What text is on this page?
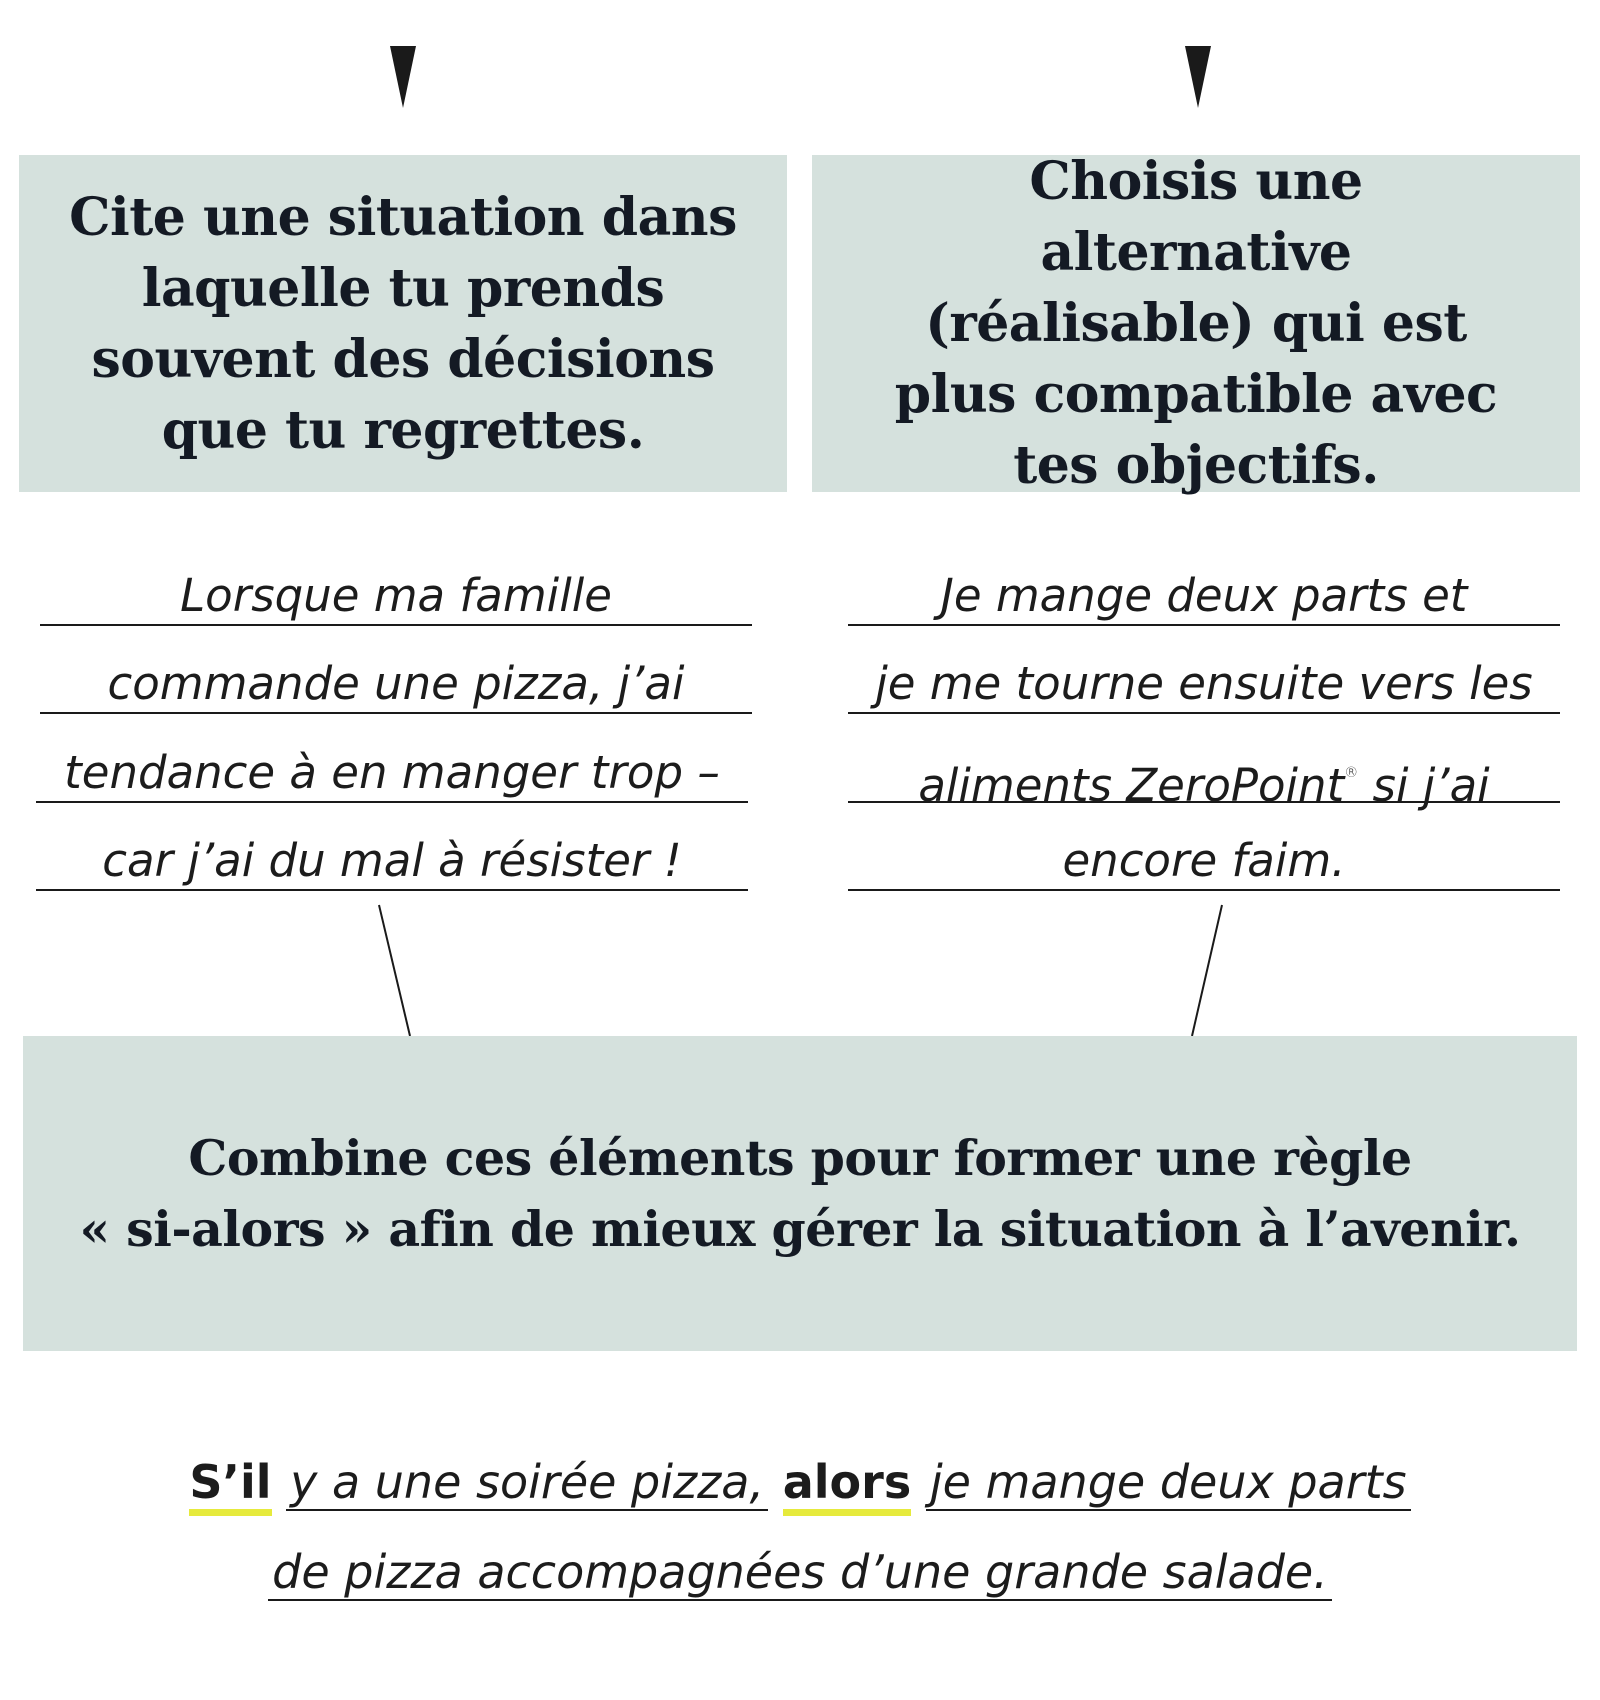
Cite une situation dans laquelle tu prends souvent des décisions que tu regrettes.
Choisis une alternative (réalisable) qui est plus compatible avec tes objectifs.
Lorsque ma famille
commande une pizza, j’ai
tendance à en manger trop –
car j’ai du mal à résister !
Je mange deux parts et
je me tourne ensuite vers les
aliments ZeroPoint® si j’ai
encore faim.
Combine ces éléments pour former une règle
« si-alors » afin de mieux gérer la situation à l’avenir.
S’il y a une soirée pizza, alors je mange deux parts
de pizza accompagnées d’une grande salade.
